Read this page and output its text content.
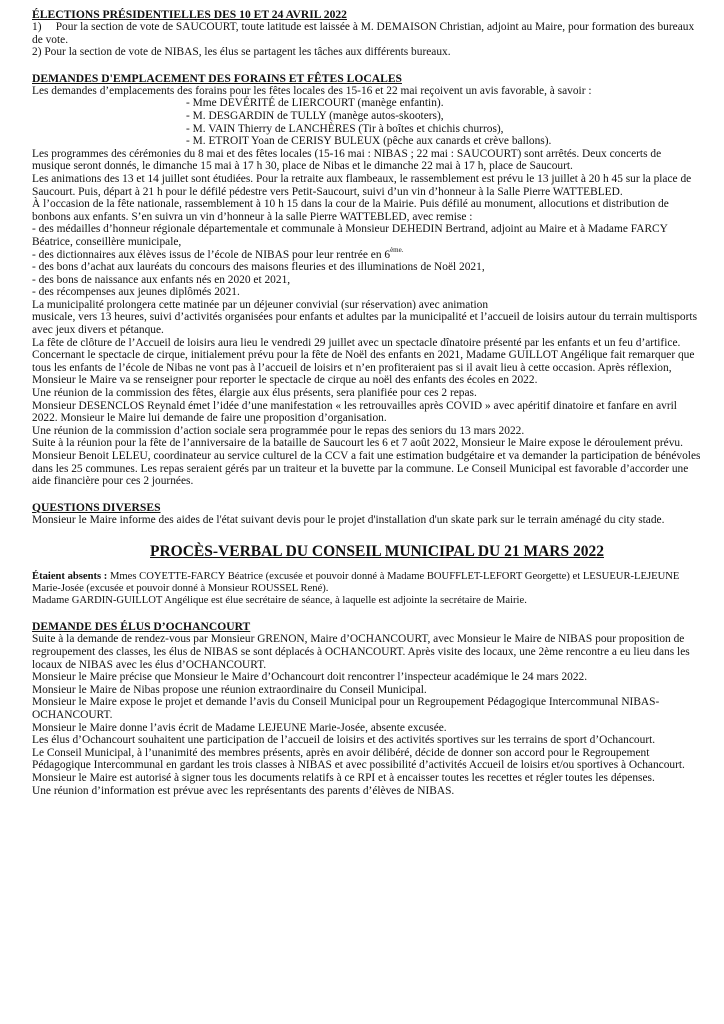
ÉLECTIONS PRÉSIDENTIELLES DES 10 ET 24 AVRIL 2022

1)     Pour la section de vote de SAUCOURT, toute latitude est laissée à M. DEMAISON Christian, adjoint au Maire, pour formation des bureaux de vote.

2) Pour la section de vote de NIBAS, les élus se partagent les tâches aux différents bureaux.

DEMANDES D'EMPLACEMENT DES FORAINS ET FÊTES LOCALES

Les demandes d’emplacements des forains pour les fêtes locales des 15-16 et 22 mai reçoivent un avis favorable, à savoir :

- Mme DEVÉRITÉ de LIERCOURT (manège enfantin).

- M. DESGARDIN de TULLY (manège autos-skooters),

- M. VAIN Thierry de LANCHÈRES (Tir à boîtes et chichis churros),

- M. ETROIT Yoan de CERISY BULEUX (pêche aux canards et crève ballons).

Les programmes des cérémonies du 8 mai et des fêtes locales (15-16 mai : NIBAS ; 22 mai : SAUCOURT) sont arrêtés. Deux concerts de musique seront donnés, le dimanche 15 mai à 17 h 30, place de Nibas et le dimanche 22 mai à 17 h, place de Saucourt.

Les animations des 13 et 14 juillet sont étudiées. Pour la retraite aux flambeaux, le rassemblement est prévu le 13 juillet à 20 h 45 sur la place de Saucourt. Puis, départ à 21 h pour le défilé pédestre vers Petit-Saucourt, suivi d’un vin d’honneur à la Salle Pierre WATTEBLED.

À l’occasion de la fête nationale, rassemblement à 10 h 15 dans la cour de la Mairie. Puis défilé au monument, allocutions et distribution de bonbons aux enfants. S’en suivra un vin d’honneur à la salle Pierre WATTEBLED, avec remise :

- des médailles d’honneur régionale départementale et communale à Monsieur DEHEDIN Bertrand, adjoint au Maire et à Madame FARCY Béatrice, conseillère municipale,

- des dictionnaires aux élèves issus de l’école de NIBAS pour leur rentrée en $6^{ème.}$

- des bons d’achat aux lauréats du concours des maisons fleuries et des illuminations de Noël 2021,

- des bons de naissance aux enfants nés en 2020 et 2021,

- des récompenses aux jeunes diplômés 2021.

La municipalité prolongera cette matinée par un déjeuner convivial (sur réservation) avec animation

musicale, vers 13 heures, suivi d’activités organisées pour enfants et adultes par la municipalité et l’accueil de loisirs autour du terrain multisports avec jeux divers et pétanque.

La fête de clôture de l’Accueil de loisirs aura lieu le vendredi 29 juillet avec un spectacle dînatoire présenté par les enfants et un feu d’artifice.

Concernant le spectacle de cirque, initialement prévu pour la fête de Noël des enfants en 2021, Madame GUILLOT Angélique fait remarquer que tous les enfants de l’école de Nibas ne vont pas à l’accueil de loisirs et n’en profiteraient pas si il avait lieu à cette occasion. Après réflexion, Monsieur le Maire va se renseigner pour reporter le spectacle de cirque au noël des enfants des écoles en 2022.

Une réunion de la commission des fêtes, élargie aux élus présents, sera planifiée pour ces 2 repas.

Monsieur DESENCLOS Reynald émet l’idée d’une manifestation « les retrouvailles après COVID » avec apéritif dinatoire et fanfare en avril 2022. Monsieur le Maire lui demande de faire une proposition d’organisation.

Une réunion de la commission d’action sociale sera programmée pour le repas des seniors du 13 mars 2022.

Suite à la réunion pour la fête de l’anniversaire de la bataille de Saucourt les 6 et 7 août 2022, Monsieur le Maire expose le déroulement prévu. Monsieur Benoit LELEU, coordinateur au service culturel de la CCV a fait une estimation budgétaire et va demander la participation de bénévoles dans les 25 communes. Les repas seraient gérés par un traiteur et la buvette par la commune. Le Conseil Municipal est favorable d’accorder une aide financière pour ces 2 journées.

QUESTIONS DIVERSES

Monsieur le Maire informe des aides de l'état suivant devis pour le projet d'installation d'un skate park sur le terrain aménagé du city stade.

PROCÈS-VERBAL DU CONSEIL MUNICIPAL DU 21 MARS 2022

Étaient absents : Mmes COYETTE-FARCY Béatrice (excusée et pouvoir donné à Madame BOUFFLET-LEFORT Georgette) et LESUEUR-LEJEUNE Marie-Josée (excusée et pouvoir donné à Monsieur ROUSSEL René).

Madame GARDIN-GUILLOT Angélique est élue secrétaire de séance, à laquelle est adjointe la secrétaire de Mairie.

DEMANDE DES ÉLUS D’OCHANCOURT

Suite à la demande de rendez-vous par Monsieur GRENON, Maire d’OCHANCOURT, avec Monsieur le Maire de NIBAS pour proposition de regroupement des classes, les élus de NIBAS se sont déplacés à OCHANCOURT. Après visite des locaux, une 2ème rencontre a eu lieu dans les locaux de NIBAS avec les élus d’OCHANCOURT.

Monsieur le Maire précise que Monsieur le Maire d’Ochancourt doit rencontrer l’inspecteur académique le 24 mars 2022.

Monsieur le Maire de Nibas propose une réunion extraordinaire du Conseil Municipal.

Monsieur le Maire expose le projet et demande l’avis du Conseil Municipal pour un Regroupement Pédagogique Intercommunal NIBAS-OCHANCOURT.

Monsieur le Maire donne l’avis écrit de Madame LEJEUNE Marie-Josée, absente excusée.

Les élus d’Ochancourt souhaitent une participation de l’accueil de loisirs et des activités sportives sur les terrains de sport d’Ochancourt.

Le Conseil Municipal, à l’unanimité des membres présents, après en avoir délibéré, décide de donner son accord pour le Regroupement Pédagogique Intercommunal en gardant les trois classes à NIBAS et avec possibilité d’activités Accueil de loisirs et/ou sportives à Ochancourt.

Monsieur le Maire est autorisé à signer tous les documents relatifs à ce RPI et à encaisser toutes les recettes et régler toutes les dépenses.

Une réunion d’information est prévue avec les représentants des parents d’élèves de NIBAS.
